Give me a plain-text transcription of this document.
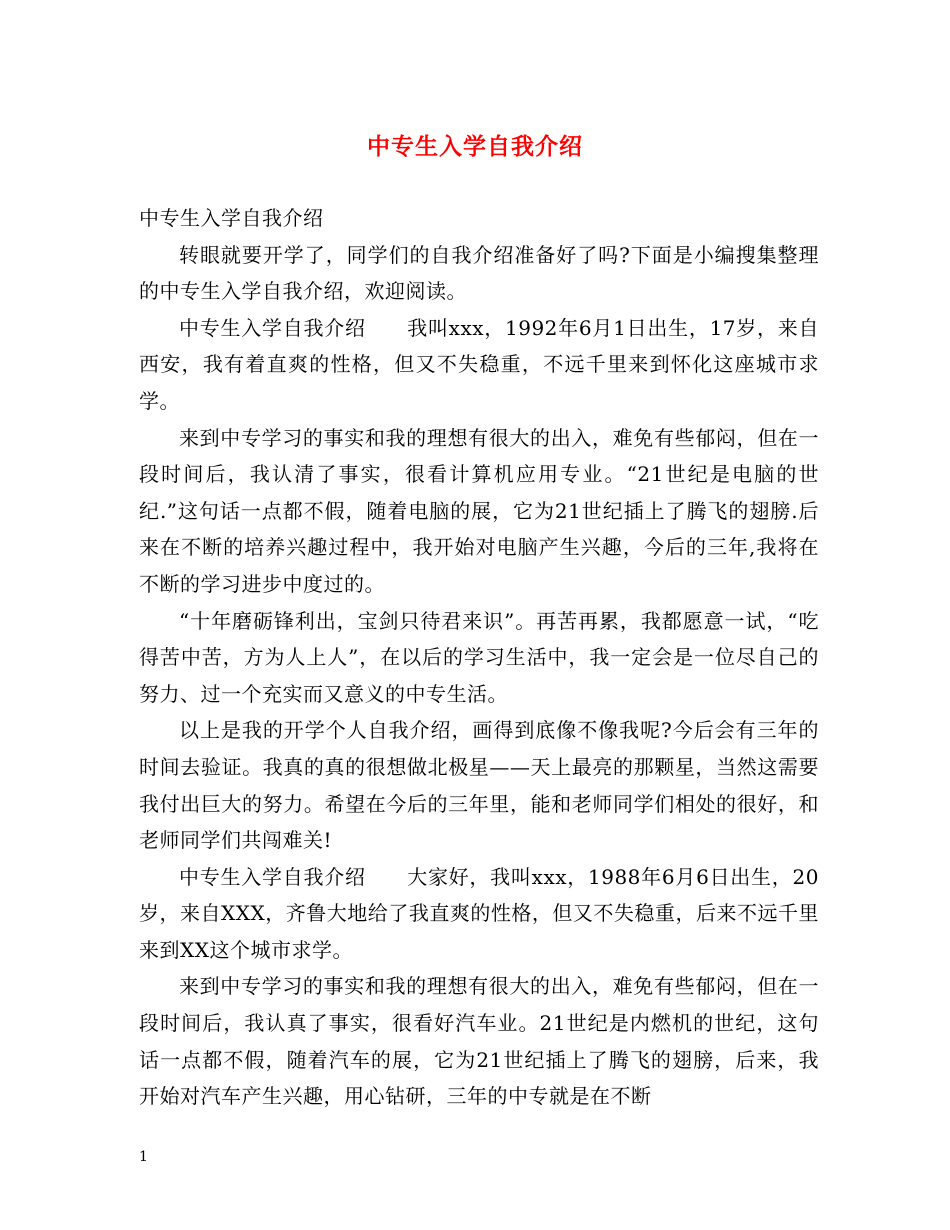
中专生入学自我介绍

中专生入学自我介绍

转眼就要开学了，同学们的自我介绍准备好了吗?下面是小编搜集整理的中专生入学自我介绍，欢迎阅读。

中专生入学自我介绍　　我叫xxx，1992年6月1日出生，17岁，来自西安，我有着直爽的性格，但又不失稳重，不远千里来到怀化这座城市求学。

来到中专学习的事实和我的理想有很大的出入，难免有些郁闷，但在一段时间后，我认清了事实，很看计算机应用专业。“21世纪是电脑的世纪.”这句话一点都不假，随着电脑的展，它为21世纪插上了腾飞的翅膀.后来在不断的培养兴趣过程中，我开始对电脑产生兴趣，今后的三年,我将在不断的学习进步中度过的。

“十年磨砺锋利出，宝剑只待君来识”。再苦再累，我都愿意一试，“吃得苦中苦，方为人上人”，在以后的学习生活中，我一定会是一位尽自己的努力、过一个充实而又意义的中专生活。

以上是我的开学个人自我介绍，画得到底像不像我呢?今后会有三年的时间去验证。我真的真的很想做北极星——天上最亮的那颗星，当然这需要我付出巨大的努力。希望在今后的三年里，能和老师同学们相处的很好，和老师同学们共闯难关!

中专生入学自我介绍　　大家好，我叫xxx，1988年6月6日出生，20岁，来自XXX，齐鲁大地给了我直爽的性格，但又不失稳重，后来不远千里来到XX这个城市求学。

来到中专学习的事实和我的理想有很大的出入，难免有些郁闷，但在一段时间后，我认真了事实，很看好汽车业。21世纪是内燃机的世纪，这句话一点都不假，随着汽车的展，它为21世纪插上了腾飞的翅膀，后来，我开始对汽车产生兴趣，用心钻研，三年的中专就是在不断

1
